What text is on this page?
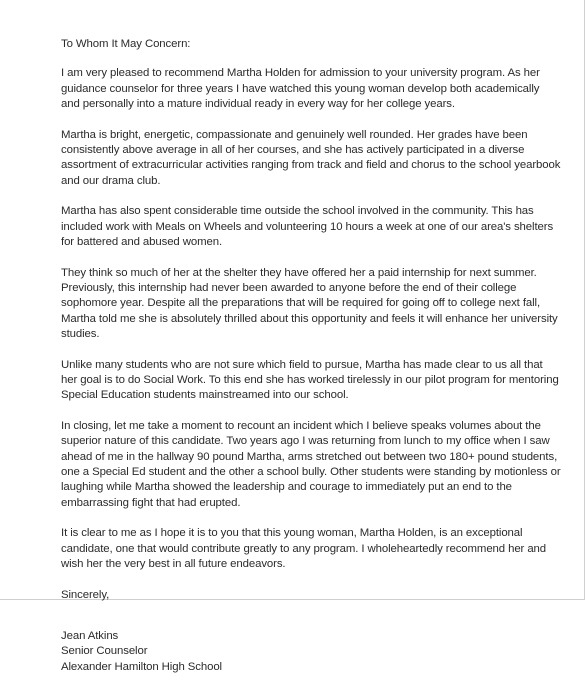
To Whom It May Concern:

I am very pleased to recommend Martha Holden for admission to your university program. As her guidance counselor for three years I have watched this young woman develop both academically and personally into a mature individual ready in every way for her college years.

Martha is bright, energetic, compassionate and genuinely well rounded. Her grades have been consistently above average in all of her courses, and she has actively participated in a diverse assortment of extracurricular activities ranging from track and field and chorus to the school yearbook and our drama club.

Martha has also spent considerable time outside the school involved in the community. This has included work with Meals on Wheels and volunteering 10 hours a week at one of our area's shelters for battered and abused women.

They think so much of her at the shelter they have offered her a paid internship for next summer. Previously, this internship had never been awarded to anyone before the end of their college sophomore year. Despite all the preparations that will be required for going off to college next fall, Martha told me she is absolutely thrilled about this opportunity and feels it will enhance her university studies.

Unlike many students who are not sure which field to pursue, Martha has made clear to us all that her goal is to do Social Work. To this end she has worked tirelessly in our pilot program for mentoring Special Education students mainstreamed into our school.

In closing, let me take a moment to recount an incident which I believe speaks volumes about the superior nature of this candidate. Two years ago I was returning from lunch to my office when I saw ahead of me in the hallway 90 pound Martha, arms stretched out between two 180+ pound students, one a Special Ed student and the other a school bully. Other students were standing by motionless or laughing while Martha showed the leadership and courage to immediately put an end to the embarrassing fight that had erupted.

It is clear to me as I hope it is to you that this young woman, Martha Holden, is an exceptional candidate, one that would contribute greatly to any program. I wholeheartedly recommend her and wish her the very best in all future endeavors.

Sincerely,

Jean Atkins

Senior Counselor

Alexander Hamilton High School
